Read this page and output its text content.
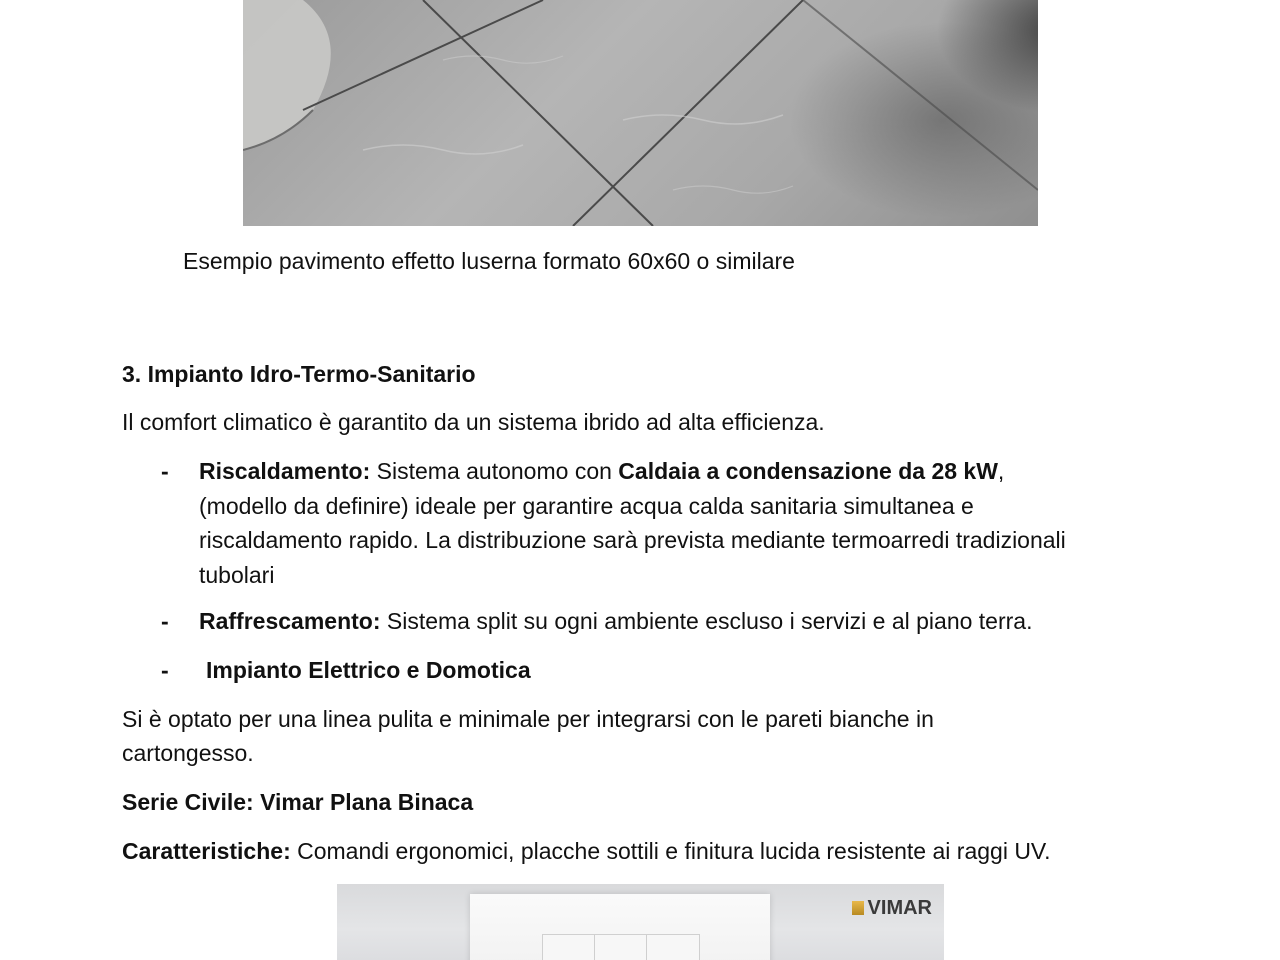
Esempio pavimento effetto luserna formato 60x60 o similare
3. Impianto Idro-Termo-Sanitario

Il comfort climatico è garantito da un sistema ibrido ad alta efficienza.

- Riscaldamento: Sistema autonomo con Caldaia a condensazione da 28 kW,(modello da definire) ideale per garantire acqua calda sanitaria simultanea e riscaldamento rapido. La distribuzione sarà prevista mediante termoarredi tradizionali tubolari

- Raffrescamento: Sistema split su ogni ambiente escluso i servizi e al piano terra.

- Impianto Elettrico e Domotica

Si è optato per una linea pulita e minimale per integrarsi con le pareti bianche in cartongesso.

Serie Civile: Vimar Plana Binaca

Caratteristiche: Comandi ergonomici, placche sottili e finitura lucida resistente ai raggi UV.

VIMAR
